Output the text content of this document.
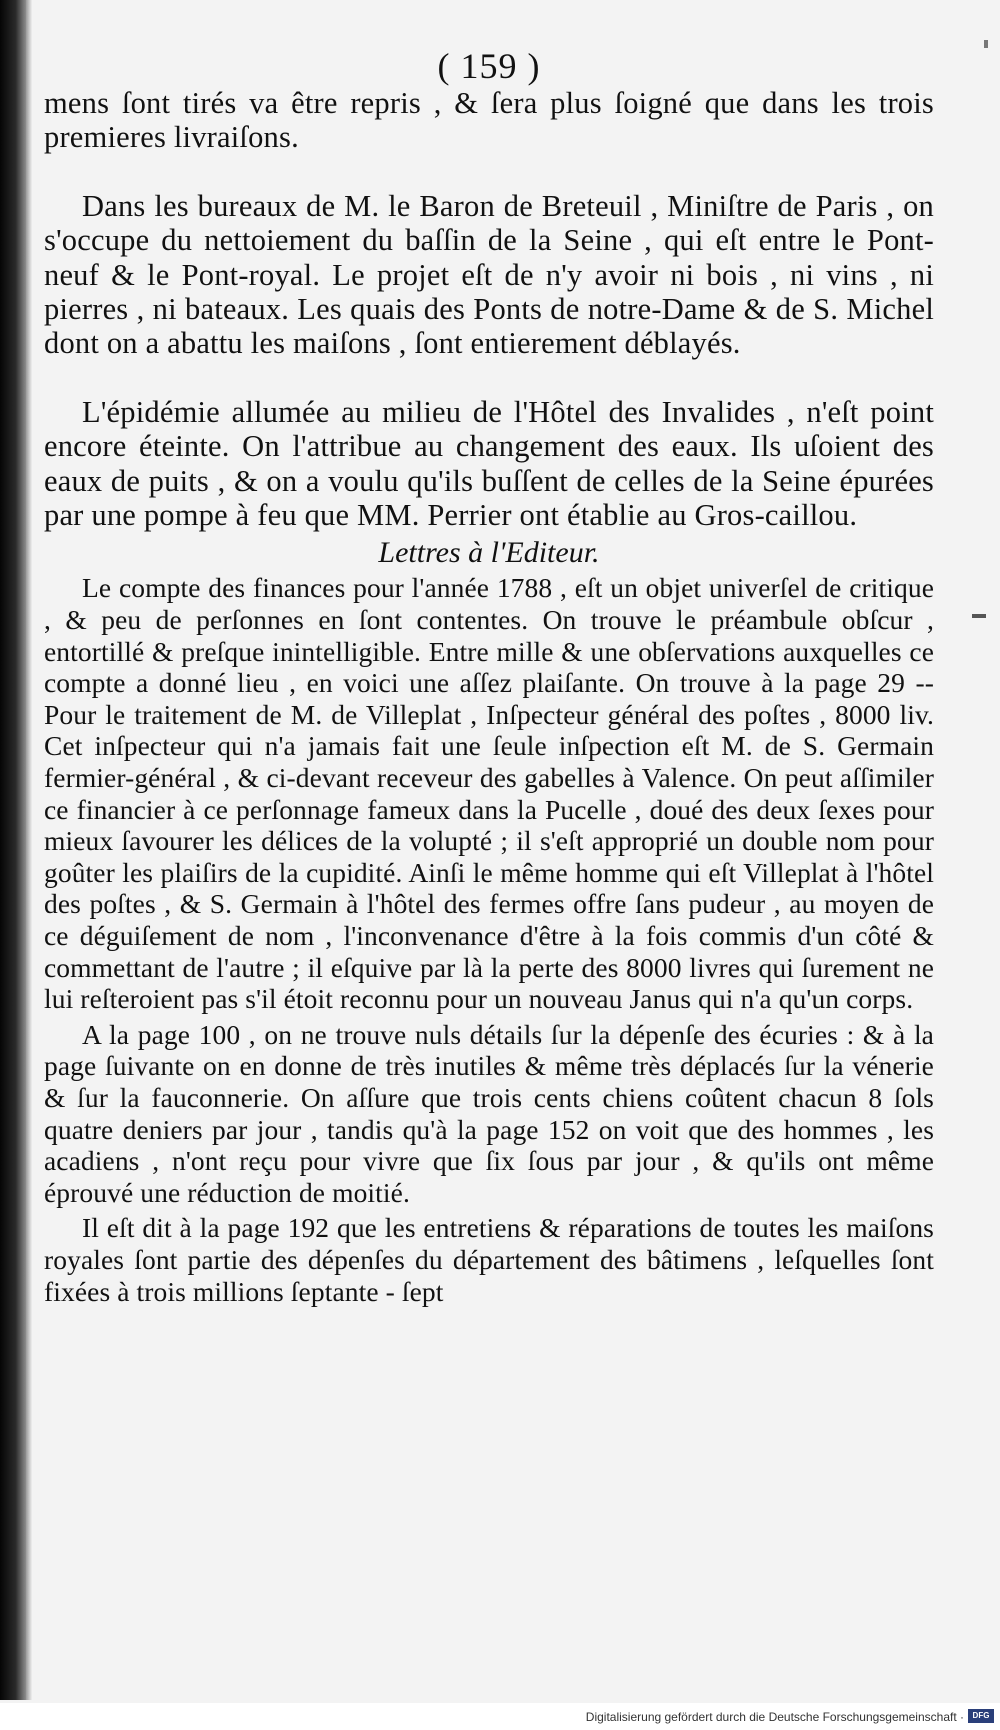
( 159 )

mens ſont tirés va être repris , & ſera plus ſoigné que dans les trois premieres livraiſons.

Dans les bureaux de M. le Baron de Breteuil , Miniſtre de Paris , on s'occupe du nettoiement du baſſin de la Seine , qui eſt entre le Pont-neuf & le Pont-royal. Le projet eſt de n'y avoir ni bois , ni vins , ni pierres , ni bateaux. Les quais des Ponts de notre-Dame & de S. Michel dont on a abattu les maiſons , ſont entierement déblayés.

L'épidémie allumée au milieu de l'Hôtel des Invalides , n'eſt point encore éteinte. On l'attribue au changement des eaux. Ils uſoient des eaux de puits , & on a voulu qu'ils buſſent de celles de la Seine épurées par une pompe à feu que MM. Perrier ont établie au Gros-caillou.

Lettres à l'Editeur.

Le compte des finances pour l'année 1788 , eſt un objet univerſel de critique , & peu de perſonnes en ſont contentes. On trouve le préambule obſcur , entortillé & preſque inintelligible. Entre mille & une obſervations auxquelles ce compte a donné lieu , en voici une aſſez plaiſante. On trouve à la page 29 -- Pour le traitement de M. de Villeplat , Inſpecteur général des poſtes , 8000 liv. Cet inſpecteur qui n'a jamais fait une ſeule inſpection eſt M. de S. Germain fermier-général , & ci-devant receveur des gabelles à Valence. On peut aſſimiler ce financier à ce perſonnage fameux dans la Pucelle , doué des deux ſexes pour mieux ſavourer les délices de la volupté ; il s'eſt approprié un double nom pour goûter les plaiſirs de la cupidité. Ainſi le même homme qui eſt Villeplat à l'hôtel des poſtes , & S. Germain à l'hôtel des fermes offre ſans pudeur , au moyen de ce déguiſement de nom , l'inconvenance d'être à la fois commis d'un côté & commettant de l'autre ; il eſquive par là la perte des 8000 livres qui ſurement ne lui reſteroient pas s'il étoit reconnu pour un nouveau Janus qui n'a qu'un corps.

A la page 100 , on ne trouve nuls détails ſur la dépenſe des écuries : & à la page ſuivante on en donne de très inutiles & même très déplacés ſur la vénerie & ſur la fauconnerie. On aſſure que trois cents chiens coûtent chacun 8 ſols quatre deniers par jour , tandis qu'à la page 152 on voit que des hommes , les acadiens , n'ont reçu pour vivre que ſix ſous par jour , & qu'ils ont même éprouvé une réduction de moitié.

Il eſt dit à la page 192 que les entretiens & réparations de toutes les maiſons royales ſont partie des dépenſes du département des bâtimens , leſquelles ſont fixées à trois millions ſeptante - ſept

Digitalisierung gefördert durch die Deutsche Forschungsgemeinschaft ·	DFG
